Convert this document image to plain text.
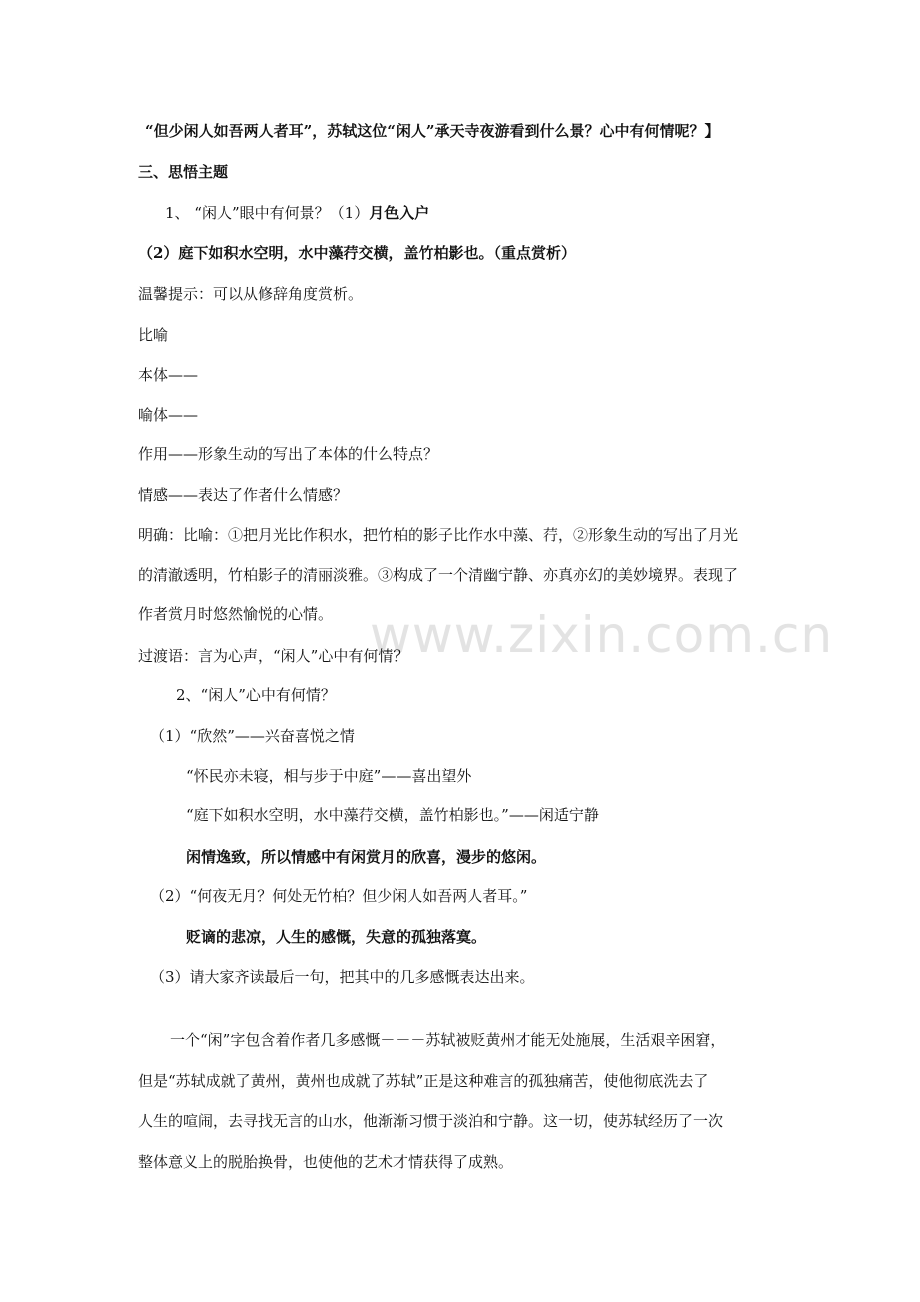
www.zixin.com.cn
“但少闲人如吾两人者耳”，苏轼这位“闲人”承天寺夜游看到什么景？心中有何情呢？】
三、思悟主题
1、 “闲人”眼中有何景？（1）月色入户
（2）庭下如积水空明，水中藻荇交横，盖竹柏影也。（重点赏析）
温馨提示：可以从修辞角度赏析。
比喻
本体——
喻体——
作用——形象生动的写出了本体的什么特点？
情感——表达了作者什么情感？
明确：比喻：①把月光比作积水，把竹柏的影子比作水中藻、荇，②形象生动的写出了月光
的清澈透明，竹柏影子的清丽淡雅。③构成了一个清幽宁静、亦真亦幻的美妙境界。表现了
作者赏月时悠然愉悦的心情。
过渡语：言为心声，“闲人”心中有何情？
2、“闲人”心中有何情？
（1）“欣然”——兴奋喜悦之情
“怀民亦未寝，相与步于中庭”——喜出望外
“庭下如积水空明，水中藻荇交横，盖竹柏影也。”——闲适宁静
闲情逸致，所以情感中有闲赏月的欣喜，漫步的悠闲。
（2）“何夜无月？何处无竹柏？但少闲人如吾两人者耳。”
贬谪的悲凉，人生的感慨，失意的孤独落寞。
（3）请大家齐读最后一句，把其中的几多感慨表达出来。
一个“闲”字包含着作者几多感慨－－－苏轼被贬黄州才能无处施展，生活艰辛困窘，
但是“苏轼成就了黄州，黄州也成就了苏轼”正是这种难言的孤独痛苦，使他彻底洗去了
人生的喧闹，去寻找无言的山水，他渐渐习惯于淡泊和宁静。这一切，使苏轼经历了一次
整体意义上的脱胎换骨，也使他的艺术才情获得了成熟。
